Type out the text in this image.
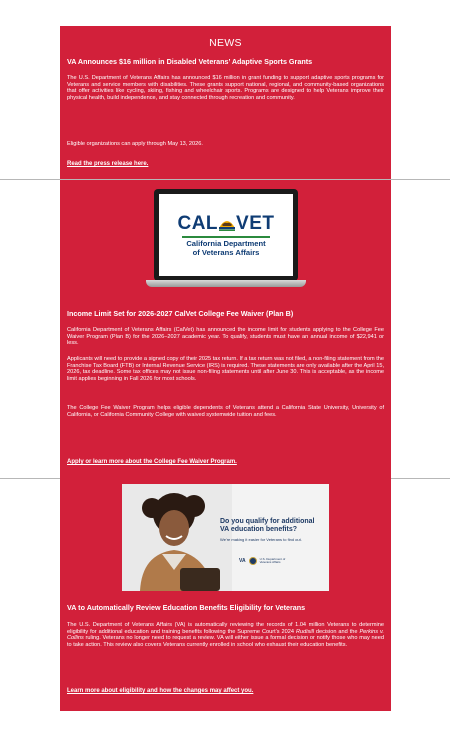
NEWS

VA Announces $16 million in Disabled Veterans’ Adaptive Sports Grants

The U.S. Department of Veterans Affairs has announced $16 million in grant funding to support adaptive sports programs for Veterans and service members with disabilities. These grants support national, regional, and community-based organizations that offer activities like cycling, skiing, fishing and wheelchair sports. Programs are designed to help Veterans improve their physical health, build independence, and stay connected through recreation and community.

Eligible organizations can apply through May 13, 2026.

Read the press release here.
CAL VET
California Department
of Veterans Affairs

Income Limit Set for 2026-2027 CalVet College Fee Waiver (Plan B)

California Department of Veterans Affairs (CalVet) has announced the income limit for students applying to the College Fee Waiver Program (Plan B) for the 2026–2027 academic year. To qualify, students must have an annual income of $22,941 or less.

Applicants will need to provide a signed copy of their 2025 tax return. If a tax return was not filed, a non-filing statement from the Franchise Tax Board (FTB) or Internal Revenue Service (IRS) is required. These statements are only available after the April 15, 2026, tax deadline. Some tax offices may not issue non-filing statements until after June 30. This is acceptable, as the income limit applies beginning in Fall 2026 for most schools.

The College Fee Waiver Program helps eligible dependents of Veterans attend a California State University, University of California, or California Community College with waived systemwide tuition and fees.

Apply or learn more about the College Fee Waiver Program.
Do you qualify for additional VA education benefits?
We're making it easier for Veterans to find out.
VA	U.S. Department of Veterans Affairs

VA to Automatically Review Education Benefits Eligibility for Veterans

The U.S. Department of Veterans Affairs (VA) is automatically reviewing the records of 1.04 million Veterans to determine eligibility for additional education and training benefits following the Supreme Court’s 2024 Rudisill decision and the Perkins v. Collins ruling. Veterans no longer need to request a review. VA will either issue a formal decision or notify those who may need to take action. This review also covers Veterans currently enrolled in school who exhaust their education benefits.

Learn more about eligibility and how the changes may affect you.
